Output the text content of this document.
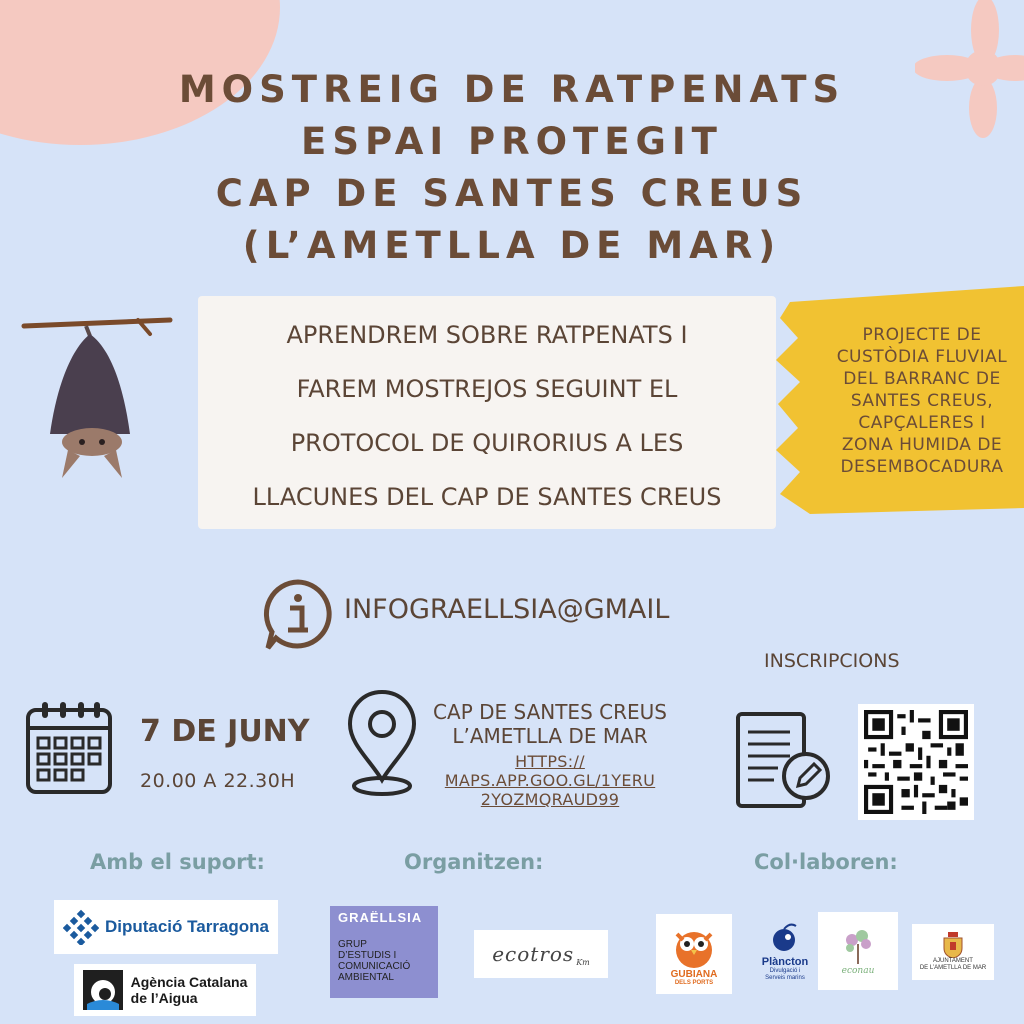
MOSTREIG DE RATPENATS
ESPAI PROTEGIT
CAP DE SANTES CREUS
(L’AMETLLA DE MAR)
APRENDREM SOBRE RATPENATS I
FAREM MOSTREJOS SEGUINT EL
PROTOCOL DE QUIRORIUS A LES
LLACUNES DEL CAP DE SANTES CREUS
PROJECTE DE
CUSTÒDIA FLUVIAL
DEL BARRANC DE
SANTES CREUS,
CAPÇALERES I
ZONA HUMIDA DE
DESEMBOCADURA
INFOGRAELLSIA@GMAIL
INSCRIPCIONS
7 DE JUNY
20.00 A 22.30H
CAP DE SANTES CREUS
L’AMETLLA DE MAR
HTTPS://
MAPS.APP.GOO.GL/1YERU
2YOZMQRAUD99
Amb el suport:	Organitzen:	Col·laboren:
Diputació Tarragona
Agència Catalana
de l’Aigua
GRAËLLSIA
GRUP
D’ESTUDIS I
COMUNICACIÓ
AMBIENTAL
ecotros Km
GUBIANA
DELS PORTS
Plàncton
Divulgació i
Serveis marins
econau
AJUNTAMENT
DE L’AMETLLA DE MAR
